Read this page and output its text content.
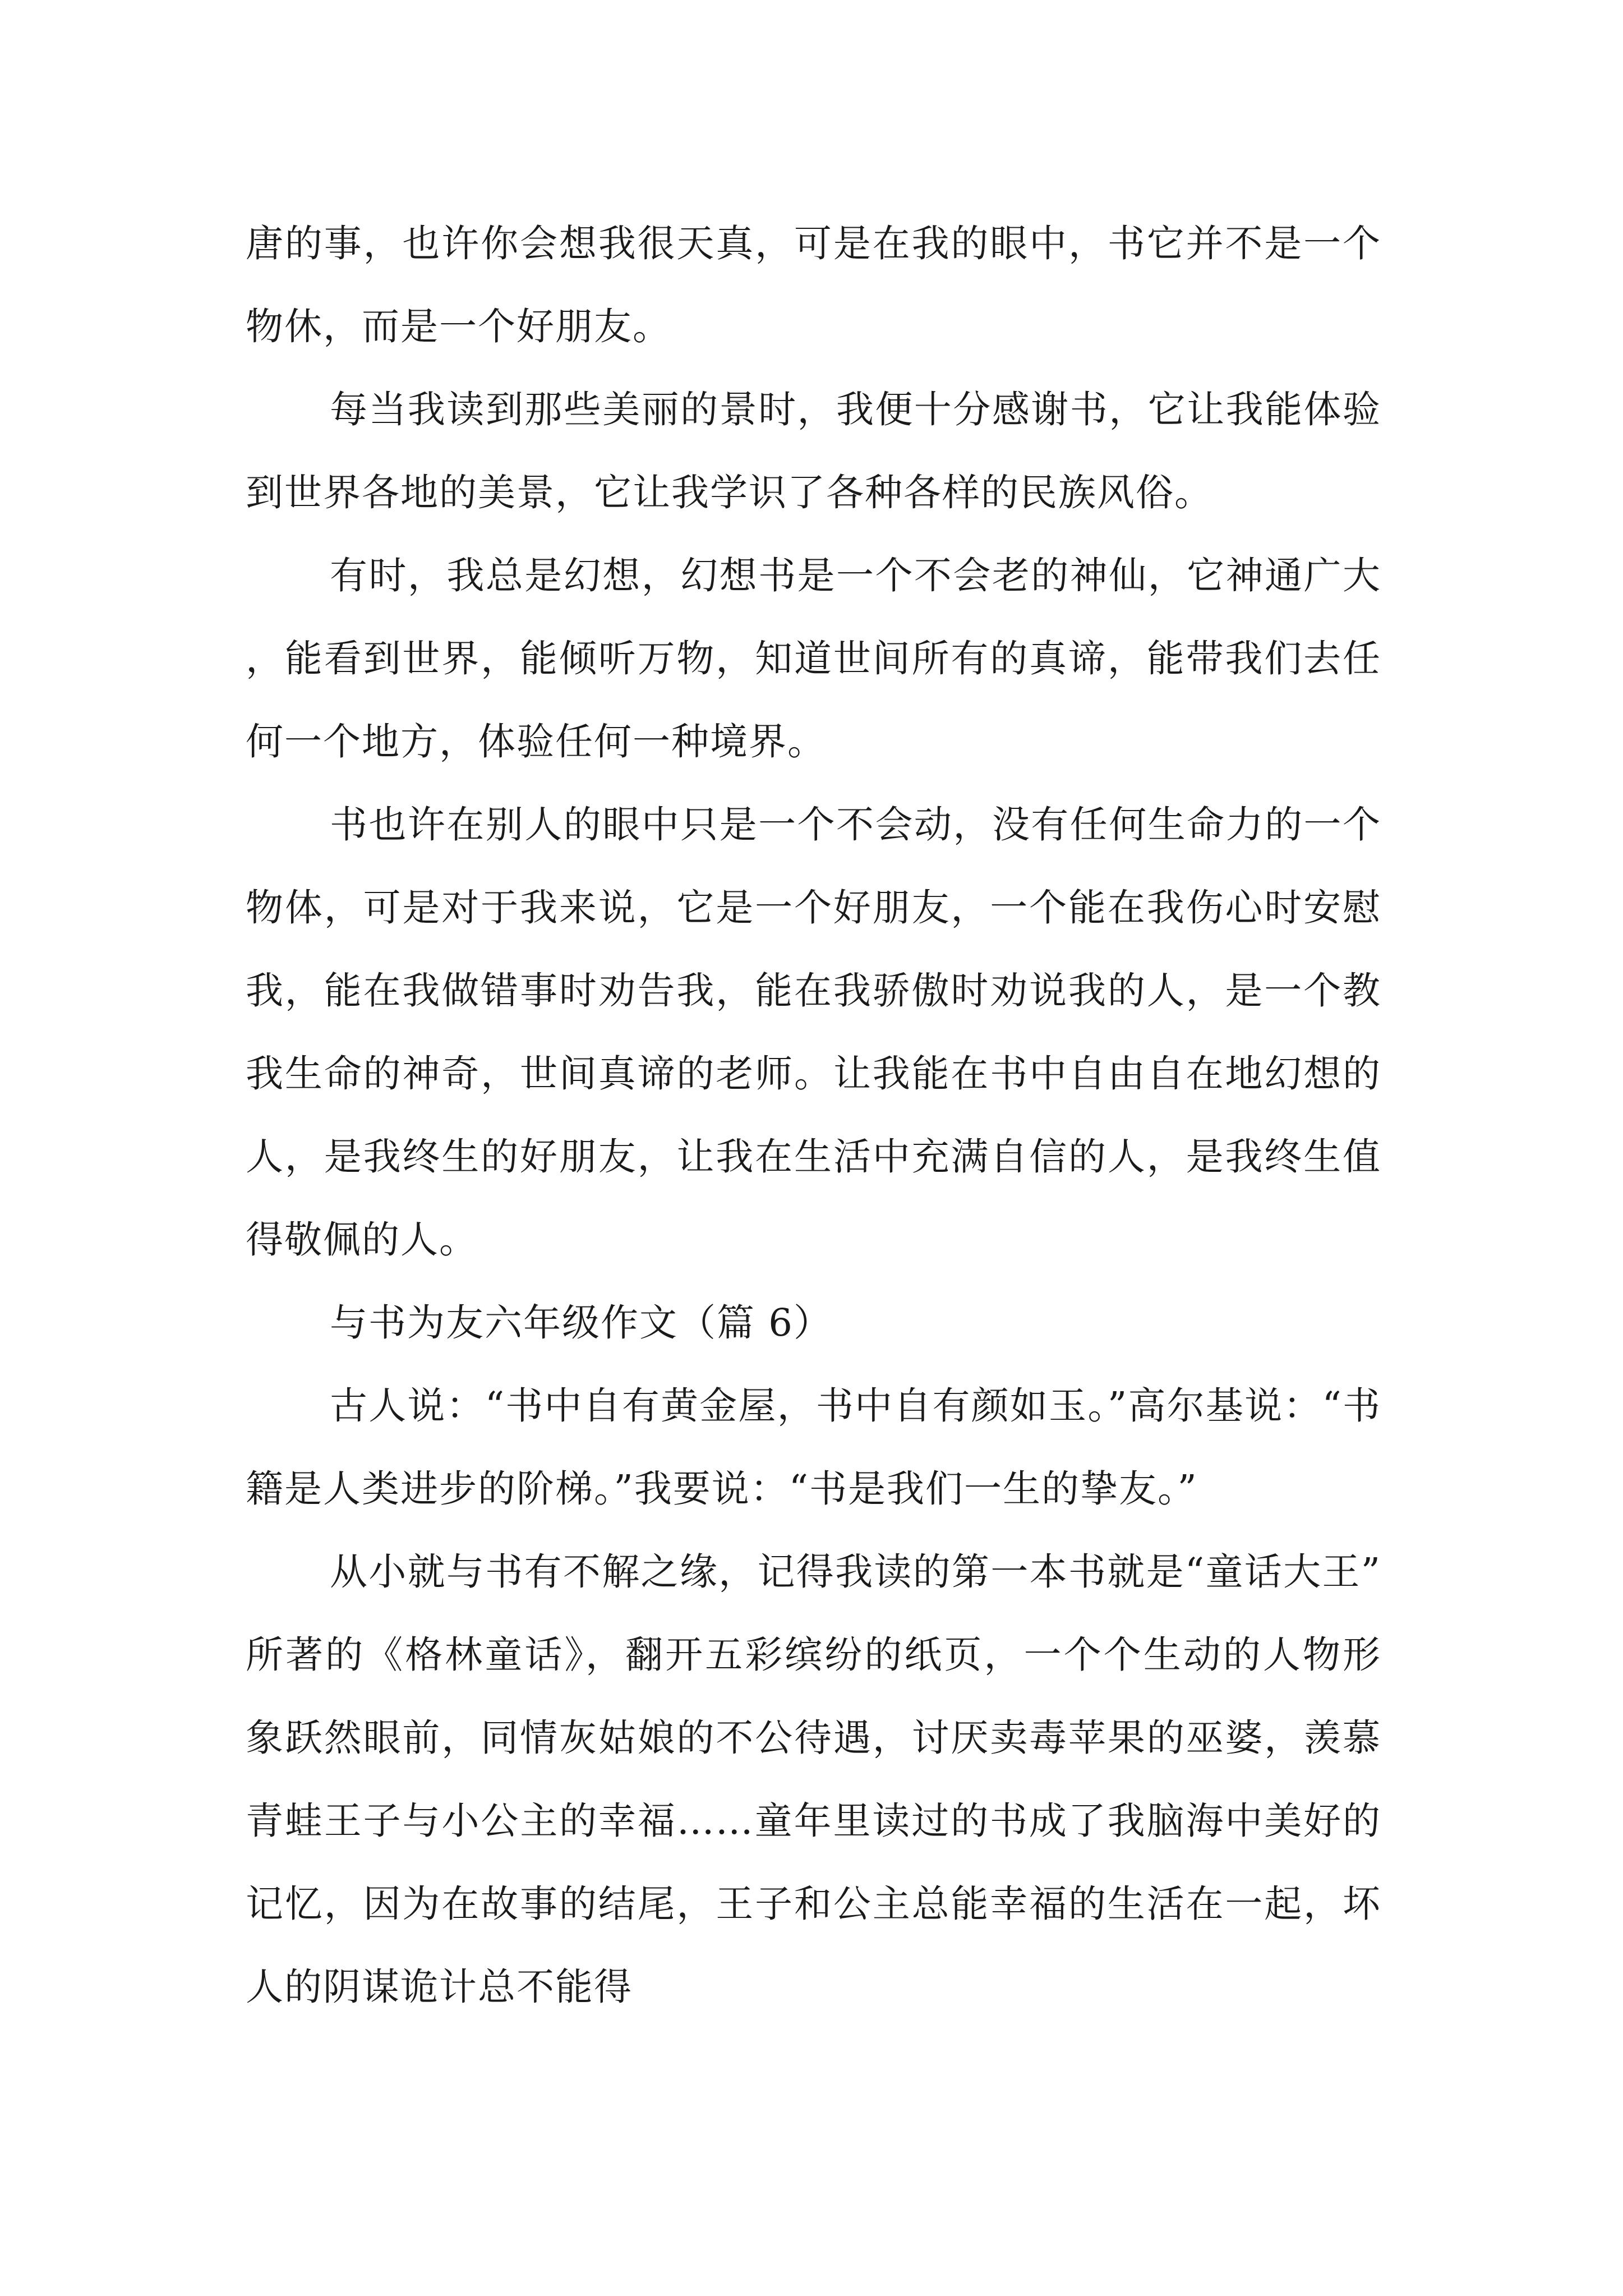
唐的事，也许你会想我很天真，可是在我的眼中，书它并不是一个物休，而是一个好朋友。

每当我读到那些美丽的景时，我便十分感谢书，它让我能体验到世界各地的美景，它让我学识了各种各样的民族风俗。

有时，我总是幻想，幻想书是一个不会老的神仙，它神通广大，能看到世界，能倾听万物，知道世间所有的真谛，能带我们去任何一个地方，体验任何一种境界。

书也许在别人的眼中只是一个不会动，没有任何生命力的一个物体，可是对于我来说，它是一个好朋友，一个能在我伤心时安慰我，能在我做错事时劝告我，能在我骄傲时劝说我的人，是一个教我生命的神奇，世间真谛的老师。让我能在书中自由自在地幻想的人，是我终生的好朋友，让我在生活中充满自信的人，是我终生值得敬佩的人。

与书为友六年级作文（篇 6）

古人说：“书中自有黄金屋，书中自有颜如玉。”高尔基说：“书籍是人类进步的阶梯。”我要说：“书是我们一生的挚友。”

从小就与书有不解之缘，记得我读的第一本书就是“童话大王”所著的《格林童话》，翻开五彩缤纷的纸页，一个个生动的人物形象跃然眼前，同情灰姑娘的不公待遇，讨厌卖毒苹果的巫婆，羡慕青蛙王子与小公主的幸福……童年里读过的书成了我脑海中美好的记忆，因为在故事的结尾，王子和公主总能幸福的生活在一起，坏人的阴谋诡计总不能得
